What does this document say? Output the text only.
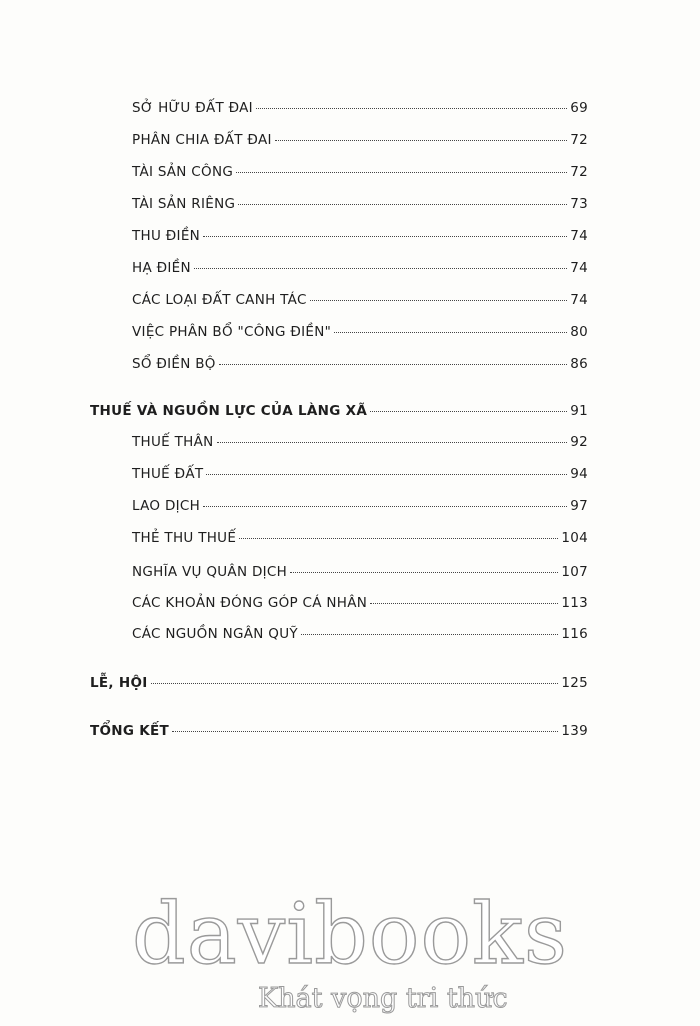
SỞ HỮU ĐẤT ĐAI	69
PHÂN CHIA ĐẤT ĐAI	72
TÀI SẢN CÔNG	72
TÀI SẢN RIÊNG	73
THU ĐIỀN	74
HẠ ĐIỀN	74
CÁC LOẠI ĐẤT CANH TÁC	74
VIỆC PHÂN BỔ "CÔNG ĐIỀN"	80
SỔ ĐIỀN BỘ	86
THUẾ VÀ NGUỒN LỰC CỦA LÀNG XÃ	91
THUẾ THÂN	92
THUẾ ĐẤT	94
LAO DỊCH	97
THẺ THU THUẾ	104
NGHĨA VỤ QUÂN DỊCH	107
CÁC KHOẢN ĐÓNG GÓP CÁ NHÂN	113
CÁC NGUỒN NGÂN QUỸ	116
LỄ, HỘI	125
TỔNG KẾT	139
davibooks
Khát vọng tri thức
